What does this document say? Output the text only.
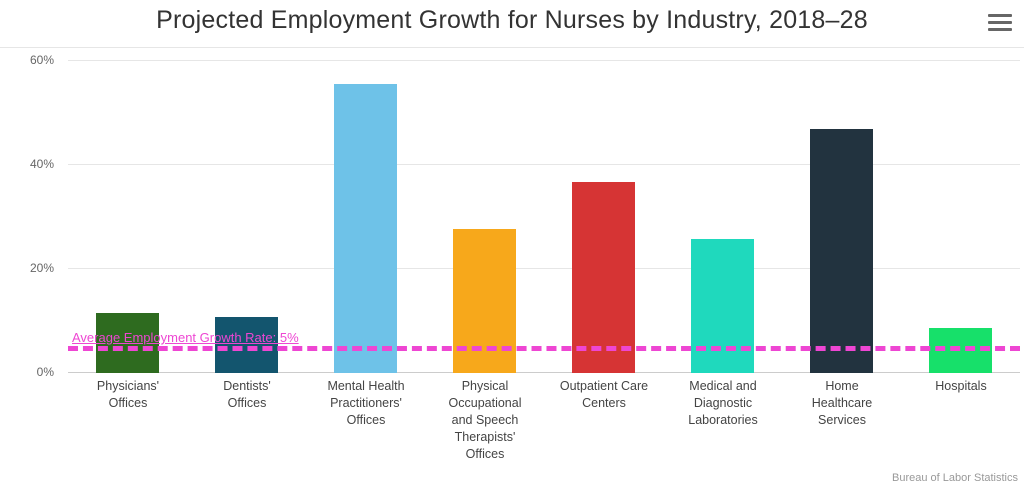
Projected Employment Growth for Nurses by Industry, 2018–28
60%
40%
20%
0%
Average Employment Growth Rate: 5%
Physicians'
Offices
Dentists'
Offices
Mental Health
Practitioners'
Offices
Physical
Occupational
and Speech
Therapists'
Offices
Outpatient Care
Centers
Medical and
Diagnostic
Laboratories
Home
Healthcare
Services
Hospitals
Bureau of Labor Statistics
